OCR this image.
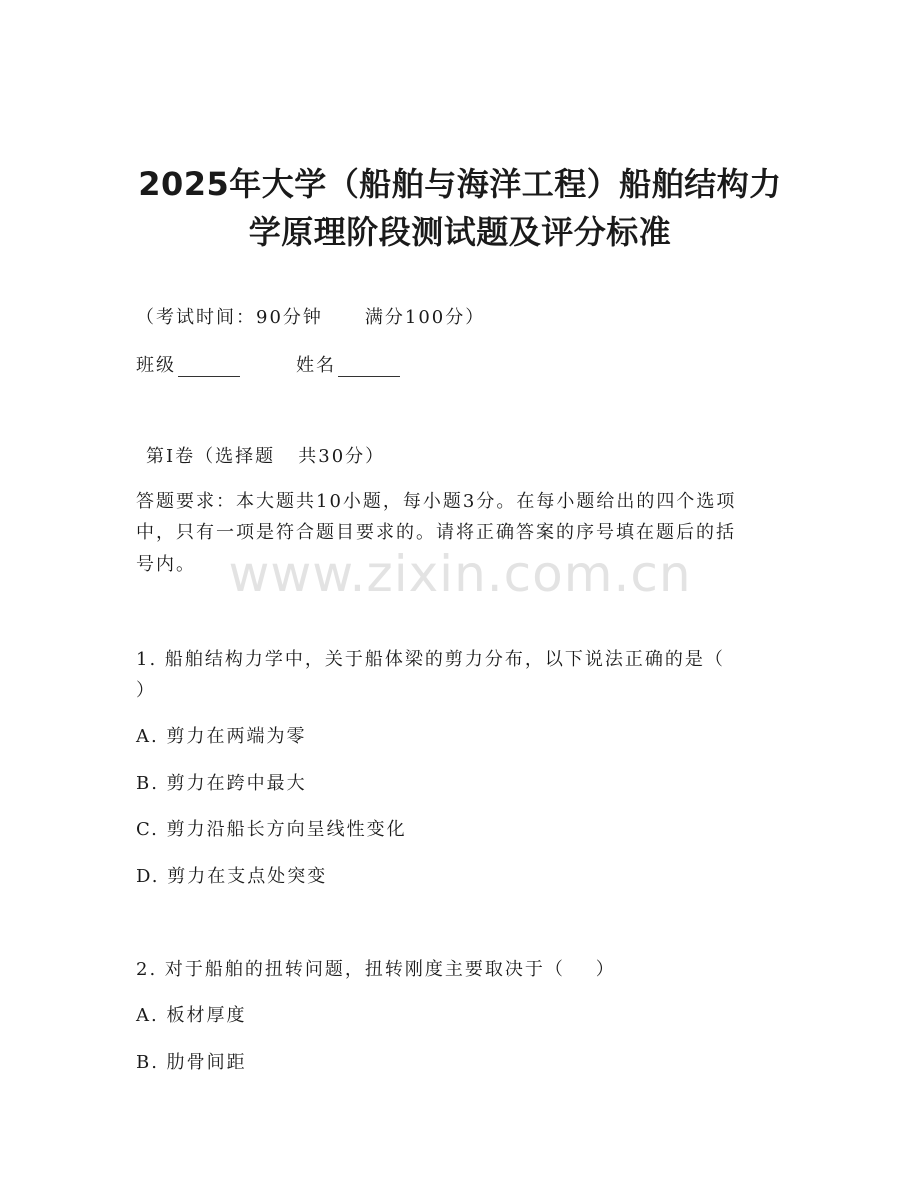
www.zixin.com.cn
2025年大学（船舶与海洋工程）船舶结构力
学原理阶段测试题及评分标准
（考试时间：90分钟 满分100分）
班级	姓名
第I卷（选择题   共30分）
答题要求：本大题共10小题，每小题3分。在每小题给出的四个选项
中，只有一项是符合题目要求的。请将正确答案的序号填在题后的括
号内。
1. 船舶结构力学中，关于船体梁的剪力分布，以下说法正确的是（
）
A. 剪力在两端为零
B. 剪力在跨中最大
C. 剪力沿船长方向呈线性变化
D. 剪力在支点处突变
2. 对于船舶的扭转问题，扭转刚度主要取决于（    ）
A. 板材厚度
B. 肋骨间距
